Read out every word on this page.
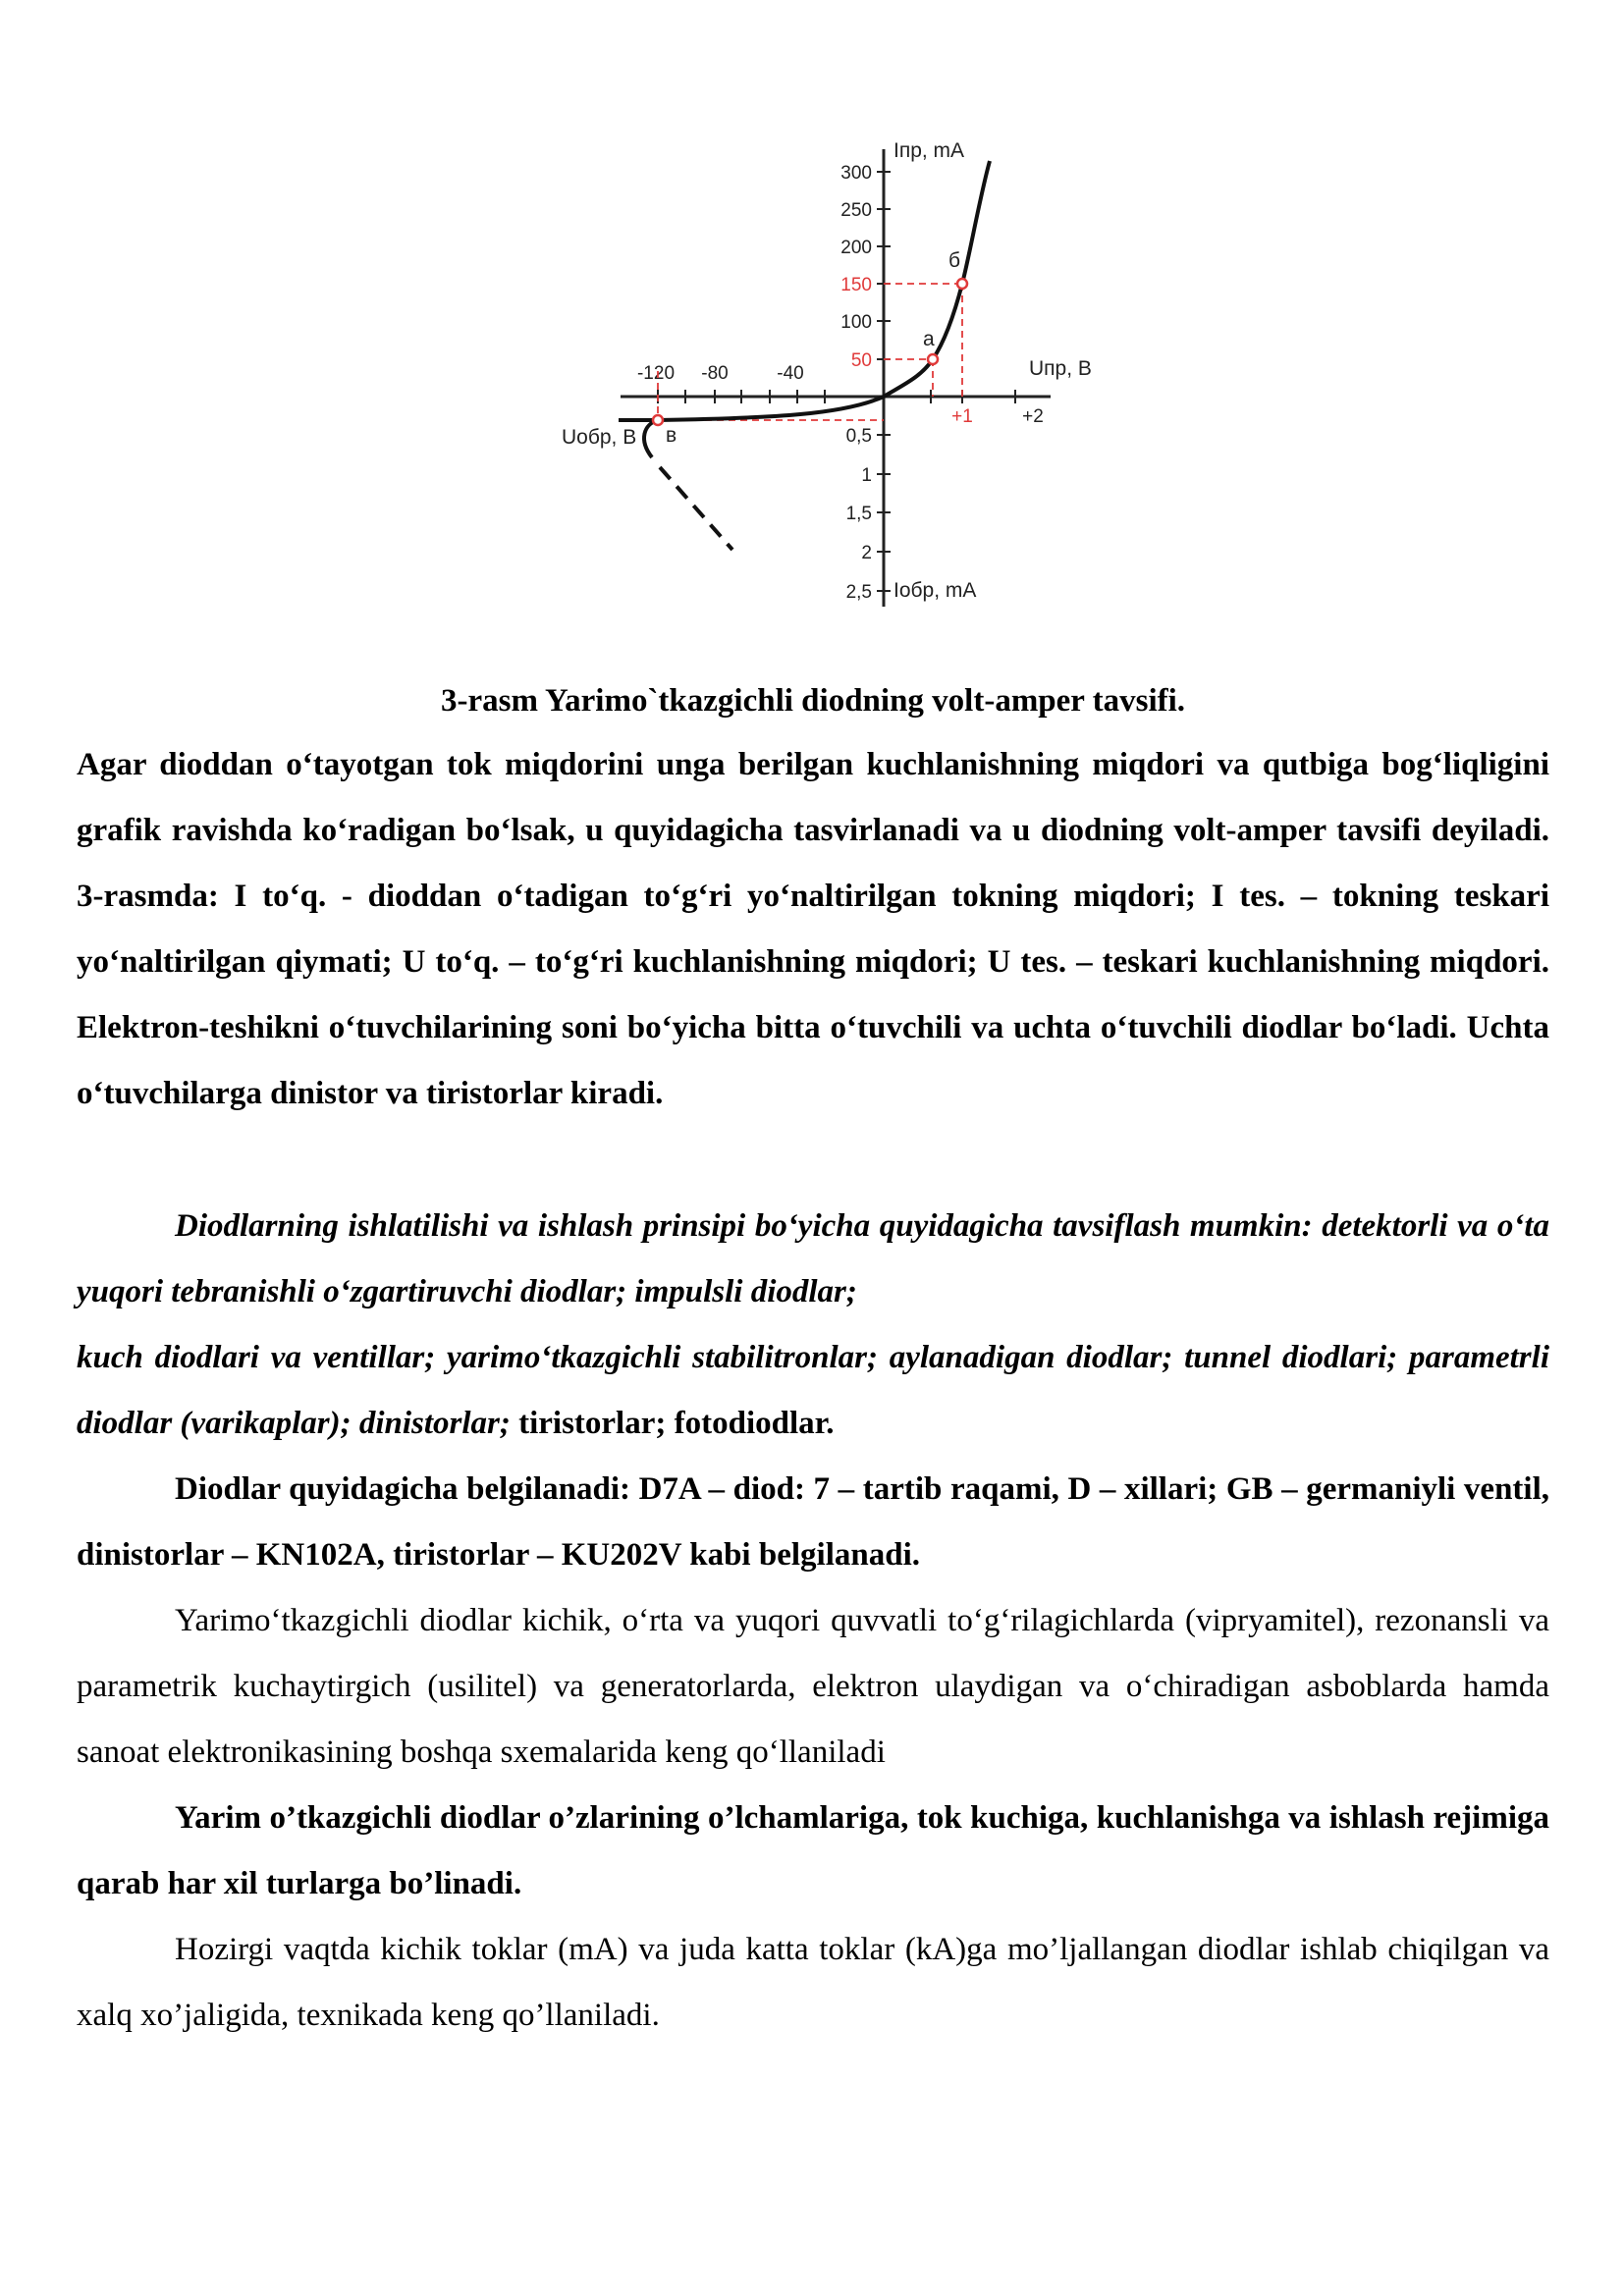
300
250
200
150
100
50
0,5
1
1,5
2
2,5
-120 -80	-40
+1	+2
Iпр, mA
Iобр, mA
Uпр, В
Uобр, В
a
б
в
3-rasm Yarimo`tkazgichli diodning volt-amper tavsifi.
Agar dioddan o‘tayotgan tok miqdorini unga berilgan kuchlanishning miqdori va qutbiga bog‘liqligini grafik ravishda ko‘radigan bo‘lsak, u quyidagicha tasvirlanadi va u diodning volt-amper tavsifi deyiladi. 3-rasmda: I to‘q. - dioddan o‘tadigan to‘g‘ri yo‘naltirilgan tokning miqdori; I tes. – tokning teskari yo‘naltirilgan qiymati; U to‘q. – to‘g‘ri kuchlanishning miqdori; U tes. – teskari kuchlanishning miqdori. Elektron-teshikni o‘tuvchilarining soni bo‘yicha bitta o‘tuvchili va uchta o‘tuvchili diodlar bo‘ladi. Uchta o‘tuvchilarga dinistor va tiristorlar kiradi.
Diodlarning ishlatilishi va ishlash prinsipi bo‘yicha quyidagicha tavsiflash mumkin: detektorli va o‘ta yuqori tebranishli o‘zgartiruvchi diodlar; impulsli diodlar;
kuch diodlari va ventillar; yarimo‘tkazgichli stabilitronlar; aylanadigan diodlar; tunnel diodlari; parametrli diodlar (varikaplar); dinistorlar; tiristorlar; fotodiodlar.
Diodlar quyidagicha belgilanadi: D7A – diod: 7 – tartib raqami, D – xillari; GB – germaniyli ventil, dinistorlar – KN102A, tiristorlar – KU202V kabi belgilanadi.
Yarimo‘tkazgichli diodlar kichik, o‘rta va yuqori quvvatli to‘g‘rilagichlarda (vipryamitel), rezonansli va parametrik kuchaytirgich (usilitel) va generatorlarda, elektron ulaydigan va o‘chiradigan asboblarda hamda sanoat elektronikasining boshqa sxemalarida keng qo‘llaniladi
Yarim o’tkazgichli diodlar o’zlarining o’lchamlariga, tok kuchiga, kuchlanishga va ishlash rejimiga qarab har xil turlarga bo’linadi.
Hozirgi vaqtda kichik toklar (mA) va juda katta toklar (kA)ga mo’ljallangan diodlar ishlab chiqilgan va xalq xo’jaligida, texnikada keng qo’llaniladi.
